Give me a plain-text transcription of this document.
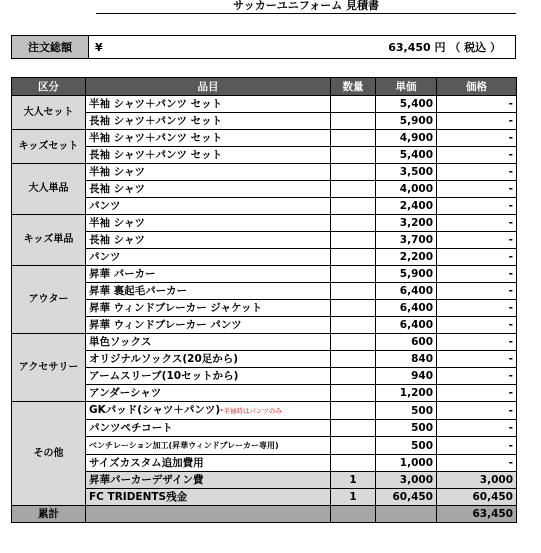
サッカーユニフォーム 見積書
注文総額	¥	63,450 円 （ 税込 ）
区分	品目	数量	単価	価格
大人セット	半袖 シャツ＋パンツ セット		5,400	-
	長袖 シャツ＋パンツ セット		5,900	-
キッズセット	半袖 シャツ＋パンツ セット		4,900	-
	長袖 シャツ＋パンツ セット		5,400	-
大人単品	半袖 シャツ		3,500	-
	長袖 シャツ		4,000	-
	パンツ		2,400	-
キッズ単品	半袖 シャツ		3,200	-
	長袖 シャツ		3,700	-
	パンツ		2,200	-
アウター	昇華 パーカー		5,900	-
	昇華 裏起毛パーカー		6,400	-
	昇華 ウィンドブレーカー ジャケット		6,400	-
	昇華 ウィンドブレーカー パンツ		6,400	-
アクセサリー	単色ソックス		600	-
	オリジナルソックス(20足から)		840	-
	アームスリーブ(10セットから)		940	-
	アンダーシャツ		1,200	-
その他	GKパッド(シャツ＋パンツ)*半袖時はパンツのみ		500	-
	パンツペチコート		500	-
	ベンチレーション加工(昇華ウィンドブレーカー専用)		500	-
	サイズカスタム追加費用		1,000	-
	昇華パーカーデザイン費	1	3,000	3,000
	FC TRIDENTS残金	1	60,450	60,450
累計				63,450
